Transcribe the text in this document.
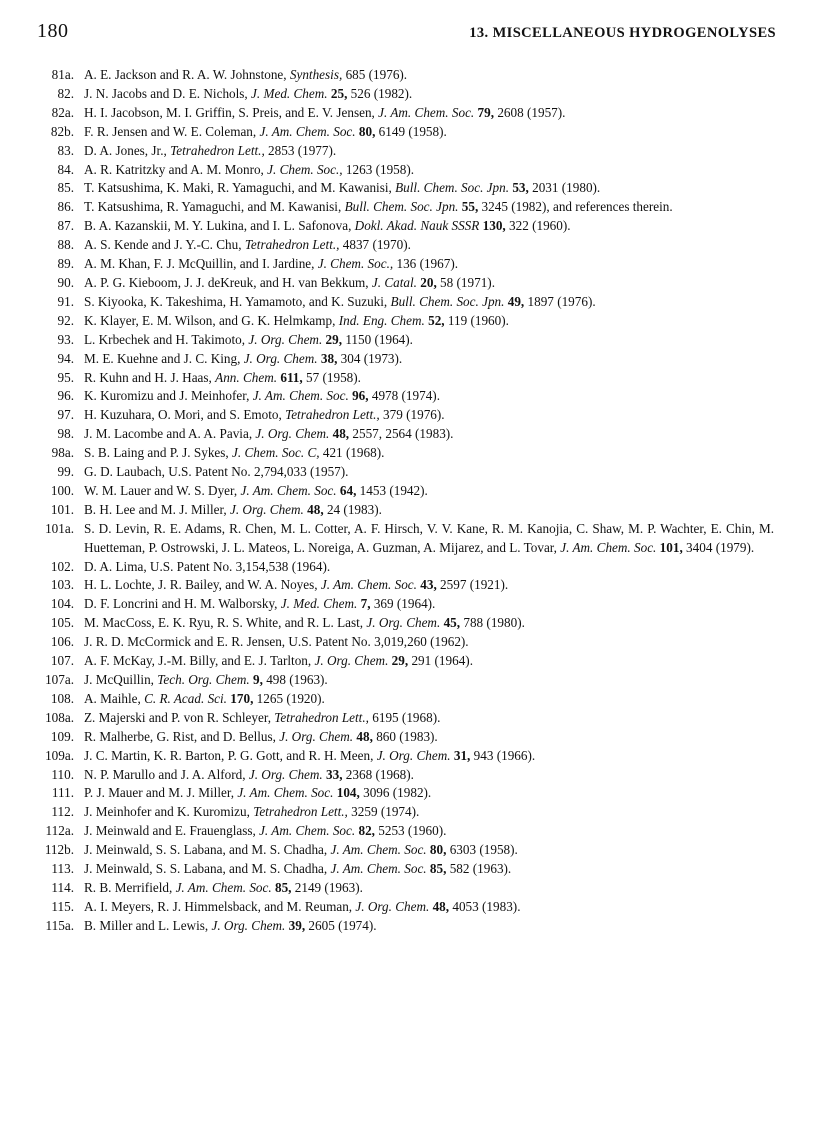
180	13. MISCELLANEOUS HYDROGENOLYSES
81a. A. E. Jackson and R. A. W. Johnstone, Synthesis, 685 (1976).
82. J. N. Jacobs and D. E. Nichols, J. Med. Chem. 25, 526 (1982).
82a. H. I. Jacobson, M. I. Griffin, S. Preis, and E. V. Jensen, J. Am. Chem. Soc. 79, 2608 (1957).
82b. F. R. Jensen and W. E. Coleman, J. Am. Chem. Soc. 80, 6149 (1958).
83. D. A. Jones, Jr., Tetrahedron Lett., 2853 (1977).
84. A. R. Katritzky and A. M. Monro, J. Chem. Soc., 1263 (1958).
85. T. Katsushima, K. Maki, R. Yamaguchi, and M. Kawanisi, Bull. Chem. Soc. Jpn. 53, 2031 (1980).
86. T. Katsushima, R. Yamaguchi, and M. Kawanisi, Bull. Chem. Soc. Jpn. 55, 3245 (1982), and references therein.
87. B. A. Kazanskii, M. Y. Lukina, and I. L. Safonova, Dokl. Akad. Nauk SSSR 130, 322 (1960).
88. A. S. Kende and J. Y.-C. Chu, Tetrahedron Lett., 4837 (1970).
89. A. M. Khan, F. J. McQuillin, and I. Jardine, J. Chem. Soc., 136 (1967).
90. A. P. G. Kieboom, J. J. deKreuk, and H. van Bekkum, J. Catal. 20, 58 (1971).
91. S. Kiyooka, K. Takeshima, H. Yamamoto, and K. Suzuki, Bull. Chem. Soc. Jpn. 49, 1897 (1976).
92. K. Klayer, E. M. Wilson, and G. K. Helmkamp, Ind. Eng. Chem. 52, 119 (1960).
93. L. Krbechek and H. Takimoto, J. Org. Chem. 29, 1150 (1964).
94. M. E. Kuehne and J. C. King, J. Org. Chem. 38, 304 (1973).
95. R. Kuhn and H. J. Haas, Ann. Chem. 611, 57 (1958).
96. K. Kuromizu and J. Meinhofer, J. Am. Chem. Soc. 96, 4978 (1974).
97. H. Kuzuhara, O. Mori, and S. Emoto, Tetrahedron Lett., 379 (1976).
98. J. M. Lacombe and A. A. Pavia, J. Org. Chem. 48, 2557, 2564 (1983).
98a. S. B. Laing and P. J. Sykes, J. Chem. Soc. C, 421 (1968).
99. G. D. Laubach, U.S. Patent No. 2,794,033 (1957).
100. W. M. Lauer and W. S. Dyer, J. Am. Chem. Soc. 64, 1453 (1942).
101. B. H. Lee and M. J. Miller, J. Org. Chem. 48, 24 (1983).
101a. S. D. Levin, R. E. Adams, R. Chen, M. L. Cotter, A. F. Hirsch, V. V. Kane, R. M. Kanojia, C. Shaw, M. P. Wachter, E. Chin, M. Huetteman, P. Ostrowski, J. L. Mateos, L. Noreiga, A. Guzman, A. Mijarez, and L. Tovar, J. Am. Chem. Soc. 101, 3404 (1979).
102. D. A. Lima, U.S. Patent No. 3,154,538 (1964).
103. H. L. Lochte, J. R. Bailey, and W. A. Noyes, J. Am. Chem. Soc. 43, 2597 (1921).
104. D. F. Loncrini and H. M. Walborsky, J. Med. Chem. 7, 369 (1964).
105. M. MacCoss, E. K. Ryu, R. S. White, and R. L. Last, J. Org. Chem. 45, 788 (1980).
106. J. R. D. McCormick and E. R. Jensen, U.S. Patent No. 3,019,260 (1962).
107. A. F. McKay, J.-M. Billy, and E. J. Tarlton, J. Org. Chem. 29, 291 (1964).
107a. J. McQuillin, Tech. Org. Chem. 9, 498 (1963).
108. A. Maihle, C. R. Acad. Sci. 170, 1265 (1920).
108a. Z. Majerski and P. von R. Schleyer, Tetrahedron Lett., 6195 (1968).
109. R. Malherbe, G. Rist, and D. Bellus, J. Org. Chem. 48, 860 (1983).
109a. J. C. Martin, K. R. Barton, P. G. Gott, and R. H. Meen, J. Org. Chem. 31, 943 (1966).
110. N. P. Marullo and J. A. Alford, J. Org. Chem. 33, 2368 (1968).
111. P. J. Mauer and M. J. Miller, J. Am. Chem. Soc. 104, 3096 (1982).
112. J. Meinhofer and K. Kuromizu, Tetrahedron Lett., 3259 (1974).
112a. J. Meinwald and E. Frauenglass, J. Am. Chem. Soc. 82, 5253 (1960).
112b. J. Meinwald, S. S. Labana, and M. S. Chadha, J. Am. Chem. Soc. 80, 6303 (1958).
113. J. Meinwald, S. S. Labana, and M. S. Chadha, J. Am. Chem. Soc. 85, 582 (1963).
114. R. B. Merrifield, J. Am. Chem. Soc. 85, 2149 (1963).
115. A. I. Meyers, R. J. Himmelsback, and M. Reuman, J. Org. Chem. 48, 4053 (1983).
115a. B. Miller and L. Lewis, J. Org. Chem. 39, 2605 (1974).
